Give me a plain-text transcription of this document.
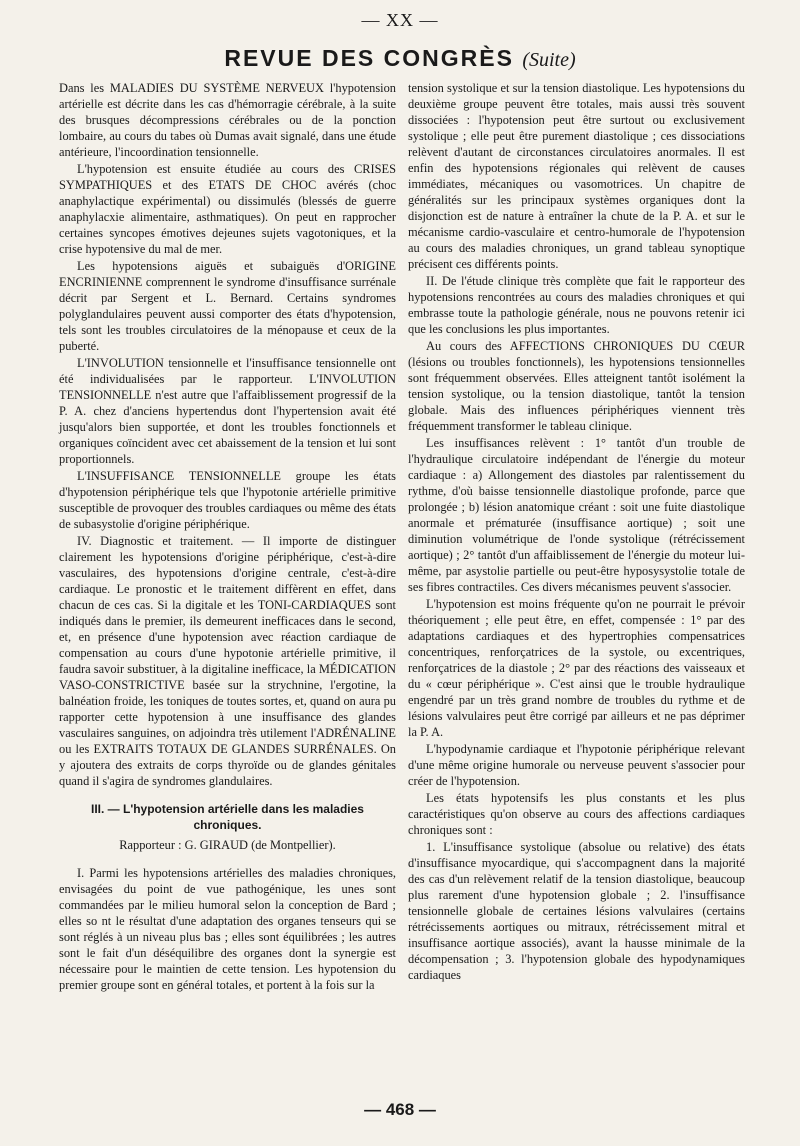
— XX —
REVUE DES CONGRÈS (Suite)

Dans les MALADIES DU SYSTÈME NERVEUX l'hypotension artérielle est décrite dans les cas d'hémorragie cérébrale, à la suite des brusques décompressions cérébrales ou de la ponction lombaire, au cours du tabes où Dumas avait signalé, dans une étude antérieure, l'incoordination tensionnelle.

L'hypotension est ensuite étudiée au cours des CRISES SYMPATHIQUES et des ETATS DE CHOC avérés (choc anaphylactique expérimental) ou dissimulés (blessés de guerre anaphylacxie alimentaire, asthmatiques). On peut en rapprocher certaines syncopes émotives dejeunes sujets vagotoniques, et la crise hypotensive du mal de mer.

Les hypotensions aiguës et subaiguës d'ORIGINE ENCRINIENNE comprennent le syndrome d'insuffisance surrénale décrit par Sergent et L. Bernard. Certains syndromes polyglandulaires peuvent aussi comporter des états d'hypotension, tels sont les troubles circulatoires de la ménopause et ceux de la puberté.

L'INVOLUTION tensionnelle et l'insuffisance tensionnelle ont été individualisées par le rapporteur. L'INVOLUTION TENSIONNELLE n'est autre que l'affaiblissement progressif de la P. A. chez d'anciens hypertendus dont l'hypertension avait été jusqu'alors bien supportée, et dont les troubles fonctionnels et organiques coïncident avec cet abaissement de la tension et lui sont proportionnels.

L'INSUFFISANCE TENSIONNELLE groupe les états d'hypotension périphérique tels que l'hypotonie artérielle primitive susceptible de provoquer des troubles cardiaques ou même des états de subasystolie d'origine périphérique.

IV. Diagnostic et traitement. — Il importe de distinguer clairement les hypotensions d'origine périphérique, c'est-à-dire vasculaires, des hypotensions d'origine centrale, c'est-à-dire cardiaque. Le pronostic et le traitement diffèrent en effet, dans chacun de ces cas. Si la digitale et les TONI-CARDIAQUES sont indiqués dans le premier, ils demeurent inefficaces dans le second, et, en présence d'une hypotension avec réaction cardiaque de compensation au cours d'une hypotonie artérielle primitive, il faudra savoir substituer, à la digitaline inefficace, la MÉDICATION VASO-CONSTRICTIVE basée sur la strychnine, l'ergotine, la balnéation froide, les toniques de toutes sortes, et, quand on aura pu rapporter cette hypotension à une insuffisance des glandes vasculaires sanguines, on adjoindra très utilement l'ADRÉNALINE ou les EXTRAITS TOTAUX DE GLANDES SURRÉNALES. On y ajoutera des extraits de corps thyroïde ou de glandes génitales quand il s'agira de syndromes glandulaires.

III. — L'hypotension artérielle dans les maladies chroniques.

Rapporteur : G. GIRAUD (de Montpellier).

I. Parmi les hypotensions artérielles des maladies chroniques, envisagées du point de vue pathogénique, les unes sont commandées par le milieu humoral selon la conception de Bard ; elles so nt le résultat d'une adaptation des organes tenseurs qui se sont réglés à un niveau plus bas ; elles sont équilibrées ; les autres sont le fait d'un déséquilibre des organes dont la synergie est nécessaire pour le maintien de cette tension. Les hypotension du premier groupe sont en général totales, et portent à la fois sur la

tension systolique et sur la tension diastolique. Les hypotensions du deuxième groupe peuvent être totales, mais aussi très souvent dissociées : l'hypotension peut être surtout ou exclusivement systolique ; elle peut être purement diastolique ; ces dissociations relèvent d'autant de circonstances circulatoires anormales. Il est enfin des hypotensions régionales qui relèvent de causes immédiates, mécaniques ou vasomotrices. Un chapitre de généralités sur les principaux systèmes organiques dont la disjonction est de nature à entraîner la chute de la P. A. et sur le mécanisme cardio-vasculaire et centro-humorale de l'hypotension au cours des maladies chroniques, un grand tableau synoptique précisent ces différents points.

II. De l'étude clinique très complète que fait le rapporteur des hypotensions rencontrées au cours des maladies chroniques et qui embrasse toute la pathologie générale, nous ne pouvons retenir ici que les conclusions les plus importantes.

Au cours des AFFECTIONS CHRONIQUES DU CŒUR (lésions ou troubles fonctionnels), les hypotensions tensionnelles sont fréquemment observées. Elles atteignent tantôt isolément la tension systolique, ou la tension diastolique, tantôt la tension globale. Mais des influences périphériques viennent très fréquemment transformer le tableau clinique.

Les insuffisances relèvent : 1° tantôt d'un trouble de l'hydraulique circulatoire indépendant de l'énergie du moteur cardiaque : a) Allongement des diastoles par ralentissement du rythme, d'où baisse tensionnelle diastolique profonde, parce que prolongée ; b) lésion anatomique créant : soit une fuite diastolique anormale et prématurée (insuffisance aortique) ; soit une diminution volumétrique de l'onde systolique (rétrécissement aortique) ; 2° tantôt d'un affaiblissement de l'énergie du moteur lui-même, par asystolie partielle ou peut-être hyposysystolie totale de ses fibres contractiles. Ces divers mécanismes peuvent s'associer.

L'hypotension est moins fréquente qu'on ne pourrait le prévoir théoriquement ; elle peut être, en effet, compensée : 1° par des adaptations cardiaques et des hypertrophies compensatrices concentriques, renforçatrices de la systole, ou excentriques, renforçatrices de la diastole ; 2° par des réactions des vaisseaux et du « cœur périphérique ». C'est ainsi que le trouble hydraulique engendré par un très grand nombre de troubles du rythme et de lésions valvulaires peut être corrigé par ailleurs et ne pas déprimer la P. A.

L'hypodynamie cardiaque et l'hypotonie périphérique relevant d'une même origine humorale ou nerveuse peuvent s'associer pour créer de l'hypotension.

Les états hypotensifs les plus constants et les plus caractéristiques qu'on observe au cours des affections cardiaques chroniques sont :

1. L'insuffisance systolique (absolue ou relative) des états d'insuffisance myocardique, qui s'accompagnent dans la majorité des cas d'un relèvement relatif de la tension diastolique, beaucoup plus rarement d'une hypotension globale ; 2. l'insuffisance tensionnelle globale de certaines lésions valvulaires (certains rétrécissements aortiques ou mitraux, rétrécissement mitral et insuffisance aortique associés), avant la hausse minimale de la décompensation ; 3. l'hypotension globale des hypodynamiques cardiaques

— 468 —
